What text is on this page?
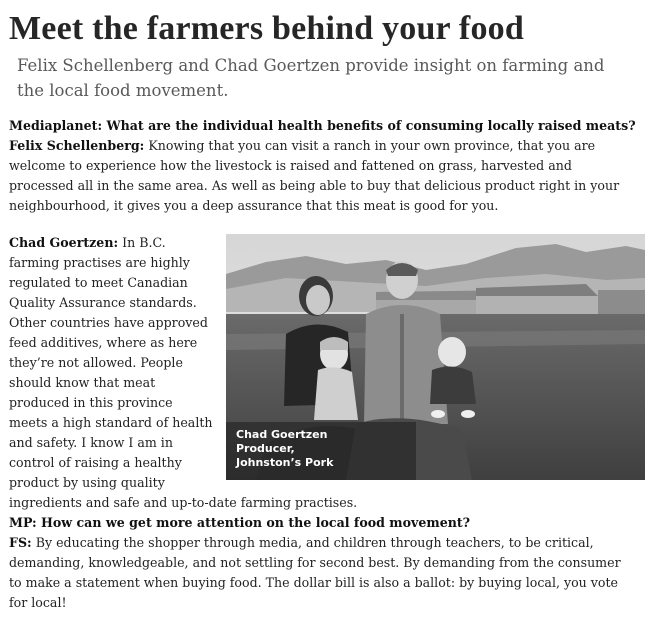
Meet the farmers behind your food
Felix Schellenberg and Chad Goertzen provide insight on farming and the local food movement.
Mediaplanet: What are the individual health benefits of consuming locally raised meats?
Felix Schellenberg: Knowing that you can visit a ranch in your own province, that you are welcome to experience how the livestock is raised and fattened on grass, harvested and processed all in the same area. As well as being able to buy that delicious product right in your neighbourhood, it gives you a deep assurance that this meat is good for you.
Chad Goertzen
Producer,
Johnston’s Pork
Chad Goertzen: In B.C. farming practises are highly regulated to meet Canadian Quality Assurance standards. Other countries have approved feed additives, where as here they’re not allowed. People should know that meat produced in this province meets a high standard of health and safety. I know I am in control of raising a healthy product by using quality ingredients and safe and up-to-date farming practises.
MP: How can we get more attention on the local food movement?
FS: By educating the shopper through media, and children through teachers, to be critical, demanding, knowledgeable, and not settling for second best. By demanding from the consumer to make a statement when buying food. The dollar bill is also a ballot: by buying local, you vote for local!
